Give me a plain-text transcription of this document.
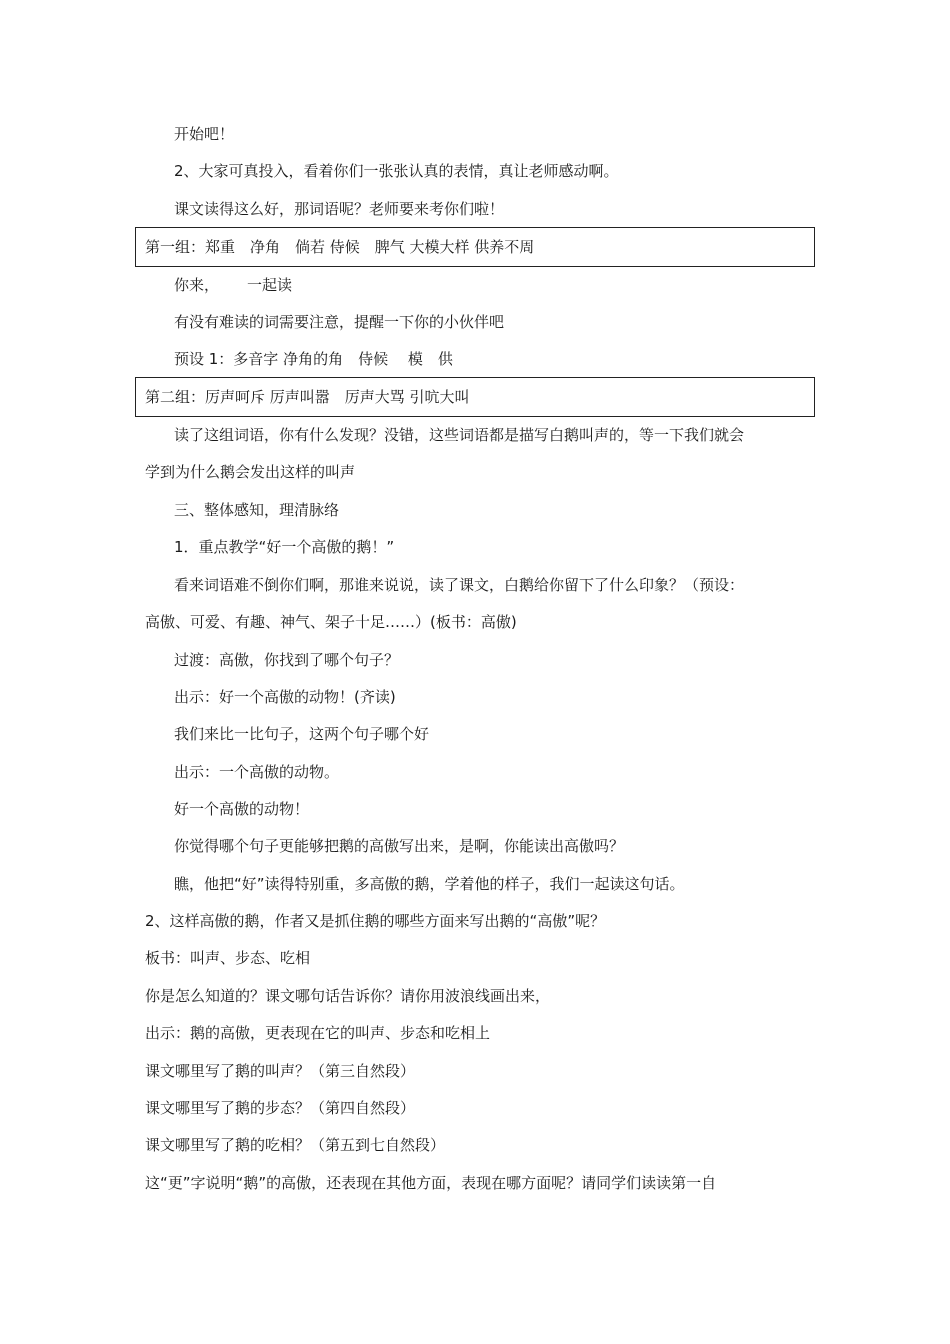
开始吧！
2、大家可真投入，看着你们一张张认真的表情，真让老师感动啊。
课文读得这么好，那词语呢？老师要来考你们啦！
第一组：郑重　净角　倘若 侍候　脾气 大模大样 供养不周
你来， 一起读
有没有难读的词需要注意，提醒一下你的小伙伴吧
预设 1：多音字 净角的角　侍候　 模　供
第二组：厉声呵斥 厉声叫嚣　厉声大骂 引吭大叫
读了这组词语，你有什么发现？没错，这些词语都是描写白鹅叫声的，等一下我们就会
学到为什么鹅会发出这样的叫声
三、整体感知，理清脉络
1．重点教学“好一个高傲的鹅！”
看来词语难不倒你们啊，那谁来说说，读了课文，白鹅给你留下了什么印象？（预设：
高傲、可爱、有趣、神气、架子十足……）(板书：高傲)
过渡：高傲，你找到了哪个句子？
出示：好一个高傲的动物！(齐读)
我们来比一比句子，这两个句子哪个好
出示：一个高傲的动物。
好一个高傲的动物！
你觉得哪个句子更能够把鹅的高傲写出来，是啊，你能读出高傲吗？
瞧，他把“好”读得特别重，多高傲的鹅，学着他的样子，我们一起读这句话。
2、这样高傲的鹅，作者又是抓住鹅的哪些方面来写出鹅的“高傲”呢？
板书：叫声、步态、吃相
你是怎么知道的？课文哪句话告诉你？请你用波浪线画出来，
出示：鹅的高傲，更表现在它的叫声、步态和吃相上
课文哪里写了鹅的叫声？（第三自然段）
课文哪里写了鹅的步态？（第四自然段）
课文哪里写了鹅的吃相？（第五到七自然段）
这“更”字说明“鹅”的高傲，还表现在其他方面，表现在哪方面呢？请同学们读读第一自
